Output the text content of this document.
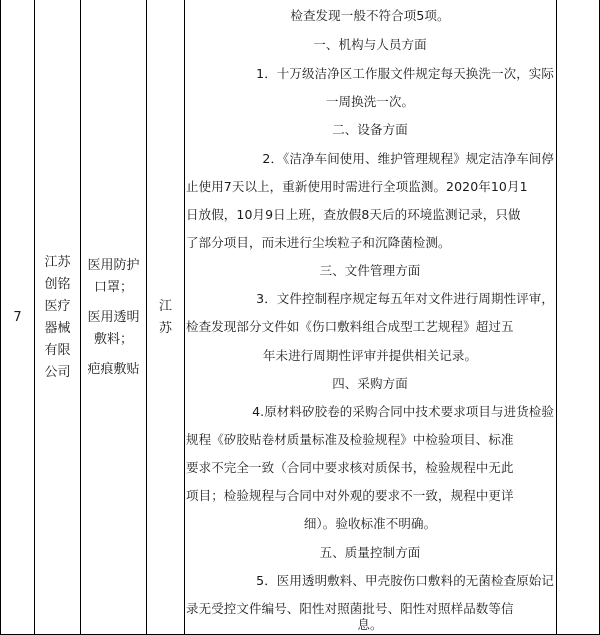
7
江苏创铭医疗器械有限公司
医用防护口罩；
医用透明敷料；
疤痕敷贴
江苏
检查发现一般不符合项5项。
一、机构与人员方面
1．十万级洁净区工作服文件规定每天换洗一次，实际
一周换洗一次。
二、设备方面
2．《洁净车间使用、维护管理规程》规定洁净车间停
止使用7天以上，重新使用时需进行全项监测。2020年10月1
日放假，10月9日上班，查放假8天后的环境监测记录，只做
了部分项目，而未进行尘埃粒子和沉降菌检测。
三、文件管理方面
3．文件控制程序规定每五年对文件进行周期性评审，
检查发现部分文件如《伤口敷料组合成型工艺规程》超过五
年未进行周期性评审并提供相关记录。
四、采购方面
4.原材料矽胶卷的采购合同中技术要求项目与进货检验
规程《矽胶贴卷材质量标准及检验规程》中检验项目、标准
要求不完全一致（合同中要求核对质保书，检验规程中无此
项目；检验规程与合同中对外观的要求不一致，规程中更详
细）。验收标准不明确。
五、质量控制方面
5．医用透明敷料、甲壳胺伤口敷料的无菌检查原始记
录无受控文件编号、阳性对照菌批号、阳性对照样品数等信
息。
